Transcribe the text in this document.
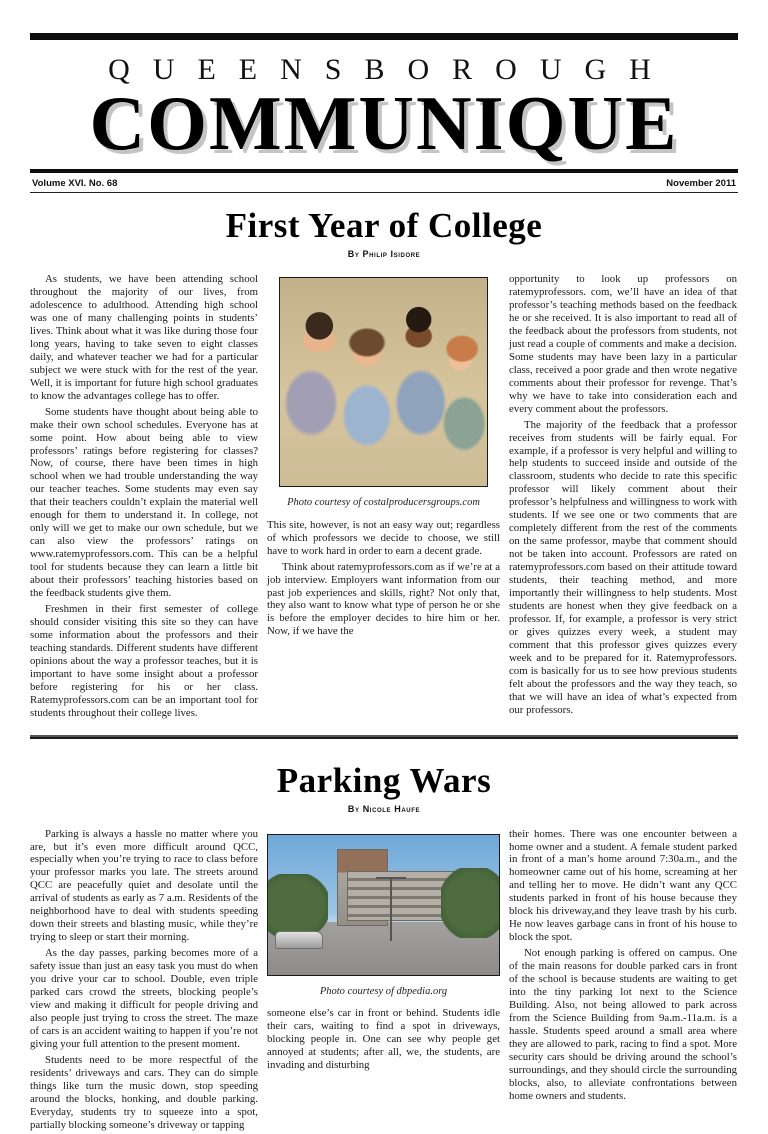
QUEENSBOROUGH
COMMUNIQUE
Volume XVI. No. 68	November 2011
First Year of College
By Philip Isidore

As students, we have been attending school throughout the majority of our lives, from adolescence to adulthood. Attending high school was one of many challenging points in students’ lives. Think about what it was like during those four long years, having to take seven to eight classes daily, and whatever teacher we had for a particular subject we were stuck with for the rest of the year. Well, it is important for future high school graduates to know the advantages college has to offer.

Some students have thought about being able to make their own school schedules. Everyone has at some point. How about being able to view professors’ ratings before registering for classes? Now, of course, there have been times in high school when we had trouble understanding the way our teacher teaches. Some students may even say that their teachers couldn’t explain the material well enough for them to understand it. In college, not only will we get to make our own schedule, but we can also view the professors’ ratings on www.ratemyprofessors.com. This can be a helpful tool for students because they can learn a little bit about their professors’ teaching histories based on the feedback students give them.

Freshmen in their first semester of college should consider visiting this site so they can have some information about the professors and their teaching standards. Different students have different opinions about the way a professor teaches, but it is important to have some insight about a professor before registering for his or her class. Ratemyprofessors.com can be an important tool for students throughout their college lives.

Photo courtesy of costalproducersgroups.com

This site, however, is not an easy way out; regardless of which professors we decide to choose, we still have to work hard in order to earn a decent grade.

Think about ratemyprofessors.com as if we’re at a job interview. Employers want information from our past job experiences and skills, right? Not only that, they also want to know what type of person he or she is before the employer decides to hire him or her. Now, if we have the

opportunity to look up professors on ratemyprofessors. com, we’ll have an idea of that professor’s teaching methods based on the feedback he or she received. It is also important to read all of the feedback about the professors from students, not just read a couple of comments and make a decision. Some students may have been lazy in a particular class, received a poor grade and then wrote negative comments about their professor for revenge. That’s why we have to take into consideration each and every comment about the professors.

The majority of the feedback that a professor receives from students will be fairly equal. For example, if a professor is very helpful and willing to help students to succeed inside and outside of the classroom, students who decide to rate this specific professor will likely comment about their professor’s helpfulness and willingness to work with students. If we see one or two comments that are completely different from the rest of the comments on the same professor, maybe that comment should not be taken into account. Professors are rated on ratemyprofessors.com based on their attitude toward students, their teaching method, and more importantly their willingness to help students. Most students are honest when they give feedback on a professor. If, for example, a professor is very strict or gives quizzes every week, a student may comment that this professor gives quizzes every week and to be prepared for it. Ratemyprofessors. com is basically for us to see how previous students felt about the professors and the way they teach, so that we will have an idea of what’s expected from our professors.

Parking Wars
By Nicole Haufe

Parking is always a hassle no matter where you are, but it’s even more difficult around QCC, especially when you’re trying to race to class before your professor marks you late. The streets around QCC are peacefully quiet and desolate until the arrival of students as early as 7 a.m. Residents of the neighborhood have to deal with students speeding down their streets and blasting music, while they’re trying to sleep or start their morning.

As the day passes, parking becomes more of a safety issue than just an easy task you must do when you drive your car to school. Double, even triple parked cars crowd the streets, blocking people’s view and making it difficult for people driving and also people just trying to cross the street. The maze of cars is an accident waiting to happen if you’re not giving your full attention to the present moment.

Students need to be more respectful of the residents’ driveways and cars. They can do simple things like turn the music down, stop speeding around the blocks, honking, and double parking. Everyday, students try to squeeze into a spot, partially blocking someone’s driveway or tapping

Photo courtesy of dbpedia.org

someone else’s car in front or behind. Students idle their cars, waiting to find a spot in driveways, blocking people in. One can see why people get annoyed at students; after all, we, the students, are invading and disturbing

their homes. There was one encounter between a home owner and a student. A female student parked in front of a man’s home around 7:30a.m., and the homeowner came out of his home, screaming at her and telling her to move. He didn’t want any QCC students parked in front of his house because they block his driveway,and they leave trash by his curb. He now leaves garbage cans in front of his house to block the spot.

Not enough parking is offered on campus. One of the main reasons for double parked cars in front of the school is because students are waiting to get into the tiny parking lot next to the Science Building. Also, not being allowed to park across from the Science Building from 9a.m.-11a.m. is a hassle. Students speed around a small area where they are allowed to park, racing to find a spot. More security cars should be driving around the school’s surroundings, and they should circle the surrounding blocks, also, to alleviate confrontations between home owners and students.
